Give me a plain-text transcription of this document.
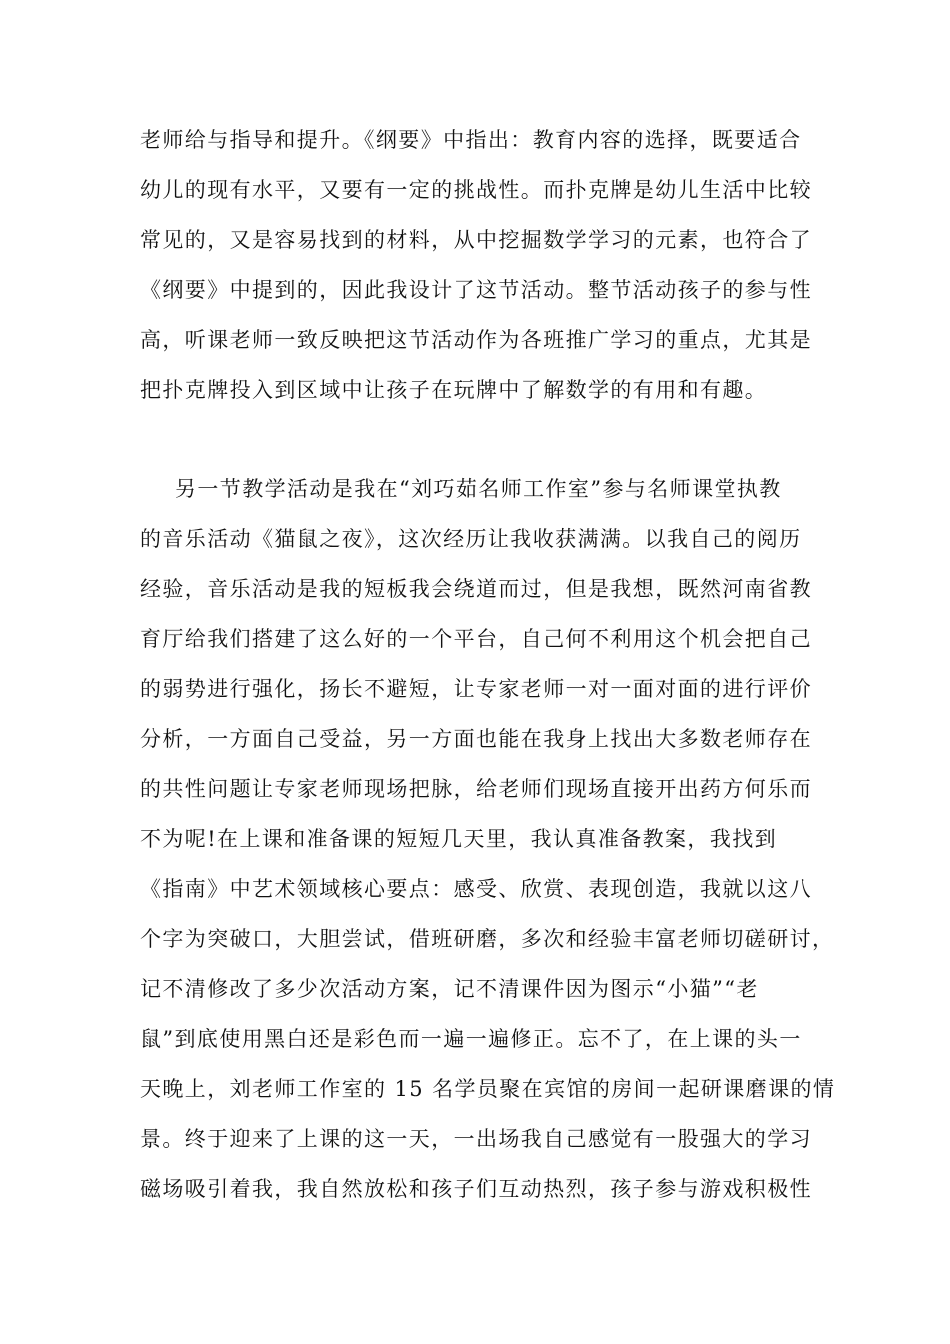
老师给与指导和提升。《纲要》中指出：教育内容的选择，既要适合
幼儿的现有水平，又要有一定的挑战性。而扑克牌是幼儿生活中比较
常见的，又是容易找到的材料，从中挖掘数学学习的元素，也符合了
《纲要》中提到的，因此我设计了这节活动。整节活动孩子的参与性
高，听课老师一致反映把这节活动作为各班推广学习的重点，尤其是
把扑克牌投入到区域中让孩子在玩牌中了解数学的有用和有趣。
另一节教学活动是我在“刘巧茹名师工作室”参与名师课堂执教
的音乐活动《猫鼠之夜》，这次经历让我收获满满。以我自己的阅历
经验，音乐活动是我的短板我会绕道而过，但是我想，既然河南省教
育厅给我们搭建了这么好的一个平台，自己何不利用这个机会把自己
的弱势进行强化，扬长不避短，让专家老师一对一面对面的进行评价
分析，一方面自己受益，另一方面也能在我身上找出大多数老师存在
的共性问题让专家老师现场把脉，给老师们现场直接开出药方何乐而
不为呢!在上课和准备课的短短几天里，我认真准备教案，我找到
《指南》中艺术领域核心要点：感受、欣赏、表现创造，我就以这八
个字为突破口，大胆尝试，借班研磨，多次和经验丰富老师切磋研讨，
记不清修改了多少次活动方案，记不清课件因为图示“小猫”“老
鼠”到底使用黑白还是彩色而一遍一遍修正。忘不了，在上课的头一
天晚上，刘老师工作室的 15 名学员聚在宾馆的房间一起研课磨课的情
景。终于迎来了上课的这一天，一出场我自己感觉有一股强大的学习
磁场吸引着我，我自然放松和孩子们互动热烈，孩子参与游戏积极性
